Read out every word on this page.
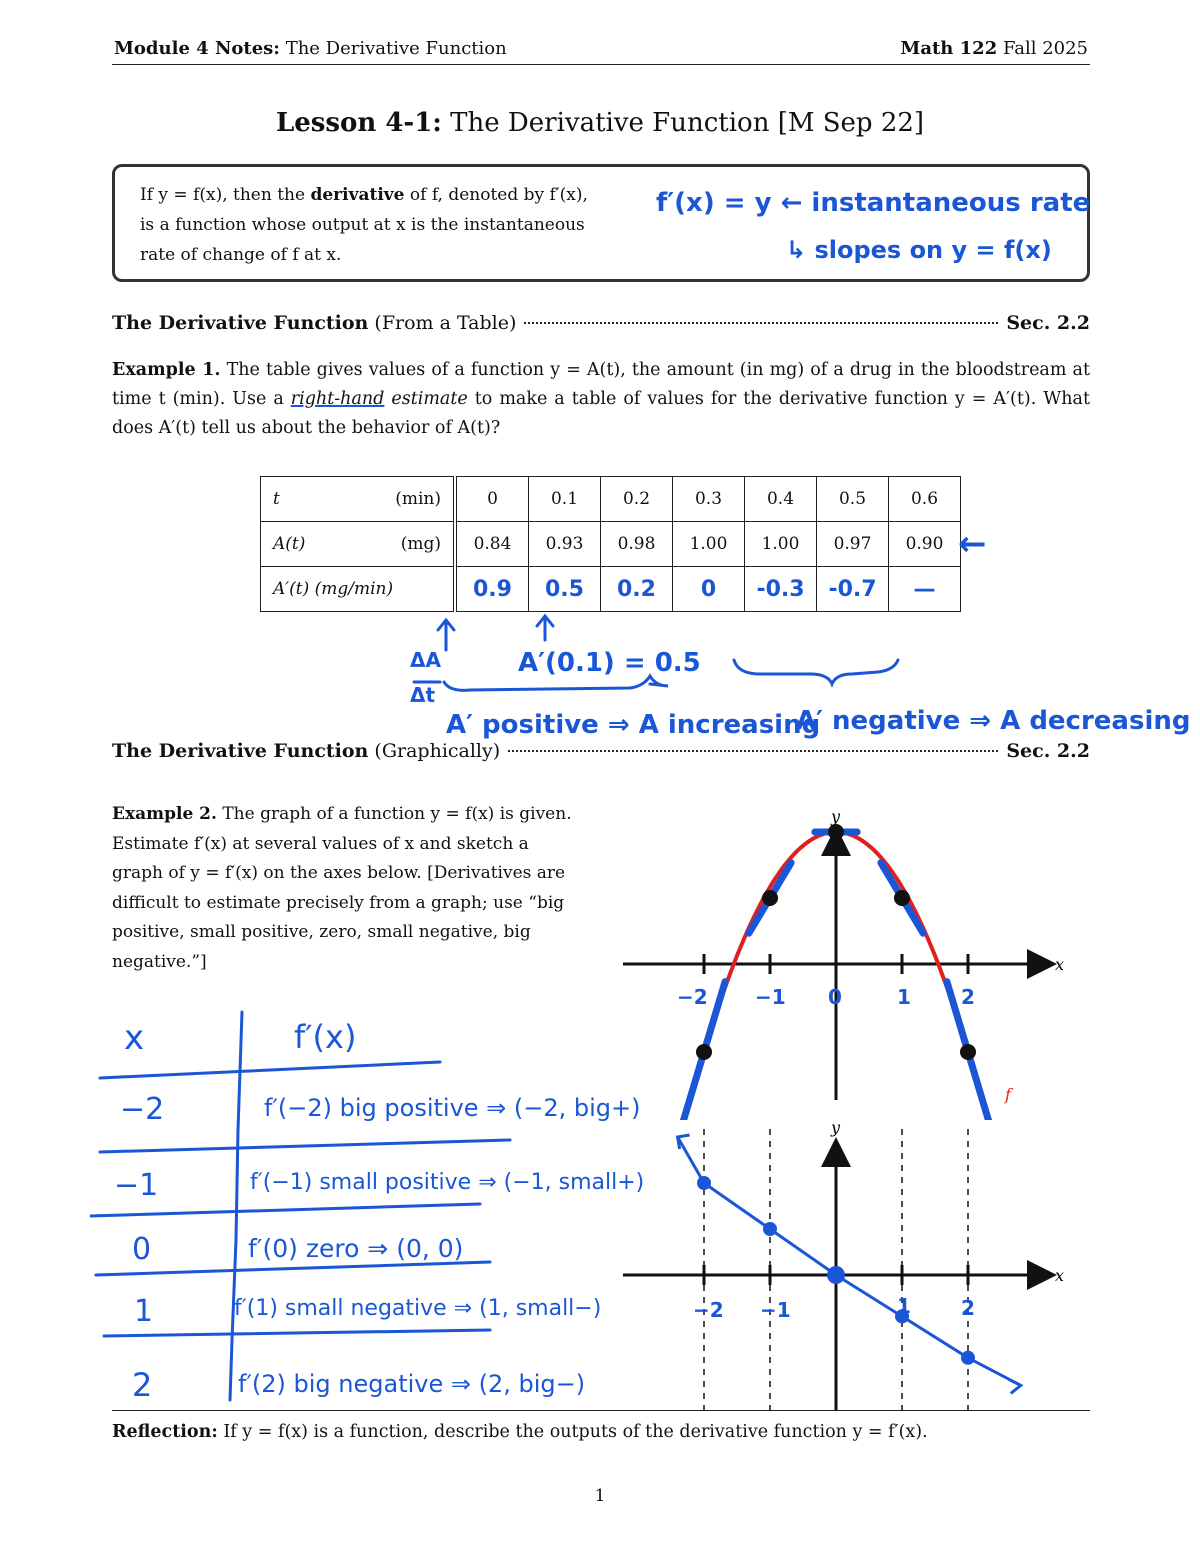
Module 4 Notes: The Derivative Function	Math 122 Fall 2025
Lesson 4-1: The Derivative Function [M Sep 22]
If y = f(x), then the derivative of f, denoted by f′(x), is a function whose output at x is the instantaneous rate of change of f at x.
f′(x) = y ← instantaneous rate
↳ slopes on y = f(x)
The Derivative Function (From a Table)	Sec. 2.2
Example 1. The table gives values of a function y = A(t), the amount (in mg) of a drug in the bloodstream at time t (min). Use a right-hand estimate to make a table of values for the derivative function y = A′(t). What does A′(t) tell us about the behavior of A(t)?
t (min)	0	0.1	0.2	0.3	0.4	0.5	0.6

A(t) (mg)	0.84	0.93	0.98	1.00	1.00	0.97	0.90
A′(t) (mg/min)	0.9	0.5	0.2	0	-0.3	-0.7	—
←
ΔA
Δt
A′(0.1) = 0.5
A′ positive ⇒ A increasing
A′ negative ⇒ A decreasing
The Derivative Function (Graphically)	Sec. 2.2
Example 2. The graph of a function y = f(x) is given. Estimate f′(x) at several values of x and sketch a graph of y = f′(x) on the axes below. [Derivatives are difficult to estimate precisely from a graph; use “big positive, small positive, zero, small negative, big negative.”]
x	f′(x)
−2	f′(−2) big positive ⇒ (−2, big+)
−1	f′(−1) small positive ⇒ (−1, small+)
0	f′(0) zero ⇒ (0, 0)
1	f′(1) small negative ⇒ (1, small−)
2	f′(2) big negative ⇒ (2, big−)
y
x
f
−2 −1 0	1	2
y
x
−2 −1	1	2
Reflection: If y = f(x) is a function, describe the outputs of the derivative function y = f′(x).
1
